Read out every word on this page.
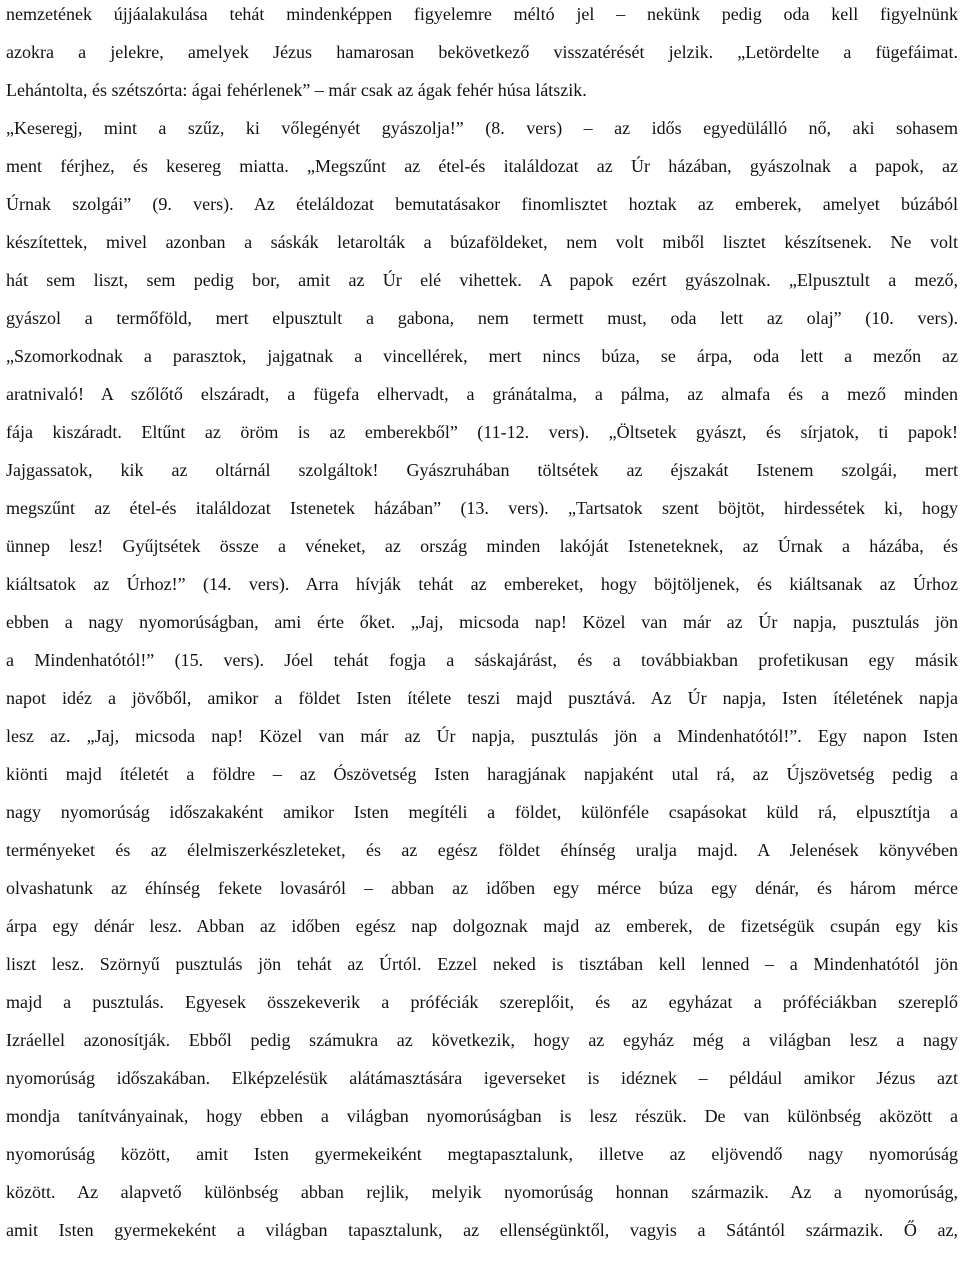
nemzetének újjáalakulása tehát mindenképpen figyelemre méltó jel – nekünk pedig oda kell figyelnünk
azokra a jelekre, amelyek Jézus hamarosan bekövetkező visszatérését jelzik. „Letördelte a fügefáimat.
Lehántolta, és szétszórta: ágai fehérlenek” – már csak az ágak fehér húsa látszik.
„Keseregj, mint a szűz, ki vőlegényét gyászolja!” (8. vers) – az idős egyedülálló nő, aki sohasem
ment férjhez, és kesereg miatta. „Megszűnt az étel-és italáldozat az Úr házában, gyászolnak a papok, az
Úrnak szolgái” (9. vers). Az ételáldozat bemutatásakor finomlisztet hoztak az emberek, amelyet búzából
készítettek, mivel azonban a sáskák letarolták a búzaföldeket, nem volt miből lisztet készítsenek. Ne volt
hát sem liszt, sem pedig bor, amit az Úr elé vihettek. A papok ezért gyászolnak. „Elpusztult a mező,
gyászol a termőföld, mert elpusztult a gabona, nem termett must, oda lett az olaj” (10. vers).
„Szomorkodnak a parasztok, jajgatnak a vincellérek, mert nincs búza, se árpa, oda lett a mezőn az
aratnivaló! A szőlőtő elszáradt, a fügefa elhervadt, a gránátalma, a pálma, az almafa és a mező minden
fája kiszáradt. Eltűnt az öröm is az emberekből” (11-12. vers). „Öltsetek gyászt, és sírjatok, ti papok!
Jajgassatok, kik az oltárnál szolgáltok! Gyászruhában töltsétek az éjszakát Istenem szolgái, mert
megszűnt az étel-és italáldozat Istenetek házában” (13. vers). „Tartsatok szent böjtöt, hirdessétek ki, hogy
ünnep lesz! Gyűjtsétek össze a véneket, az ország minden lakóját Isteneteknek, az Úrnak a házába, és
kiáltsatok az Úrhoz!” (14. vers). Arra hívják tehát az embereket, hogy böjtöljenek, és kiáltsanak az Úrhoz
ebben a nagy nyomorúságban, ami érte őket. „Jaj, micsoda nap! Közel van már az Úr napja, pusztulás jön
a Mindenhatótól!” (15. vers). Jóel tehát fogja a sáskajárást, és a továbbiakban profetikusan egy másik
napot idéz a jövőből, amikor a földet Isten ítélete teszi majd pusztává. Az Úr napja, Isten ítéletének napja
lesz az. „Jaj, micsoda nap! Közel van már az Úr napja, pusztulás jön a Mindenhatótól!”. Egy napon Isten
kiönti majd ítéletét a földre – az Ószövetség Isten haragjának napjaként utal rá, az Újszövetség pedig a
nagy nyomorúság időszakaként amikor Isten megítéli a földet, különféle csapásokat küld rá, elpusztítja a
terményeket és az élelmiszerkészleteket, és az egész földet éhínség uralja majd. A Jelenések könyvében
olvashatunk az éhínség fekete lovasáról – abban az időben egy mérce búza egy dénár, és három mérce
árpa egy dénár lesz. Abban az időben egész nap dolgoznak majd az emberek, de fizetségük csupán egy kis
liszt lesz. Szörnyű pusztulás jön tehát az Úrtól. Ezzel neked is tisztában kell lenned – a Mindenhatótól jön
majd a pusztulás. Egyesek összekeverik a próféciák szereplőit, és az egyházat a próféciákban szereplő
Izráellel azonosítják. Ebből pedig számukra az következik, hogy az egyház még a világban lesz a nagy
nyomorúság időszakában. Elképzelésük alátámasztására igeverseket is idéznek – például amikor Jézus azt
mondja tanítványainak, hogy ebben a világban nyomorúságban is lesz részük. De van különbség aközött a
nyomorúság között, amit Isten gyermekeiként megtapasztalunk, illetve az eljövendő nagy nyomorúság
között. Az alapvető különbség abban rejlik, melyik nyomorúság honnan származik. Az a nyomorúság,
amit Isten gyermekeként a világban tapasztalunk, az ellenségünktől, vagyis a Sátántól származik. Ő az,
